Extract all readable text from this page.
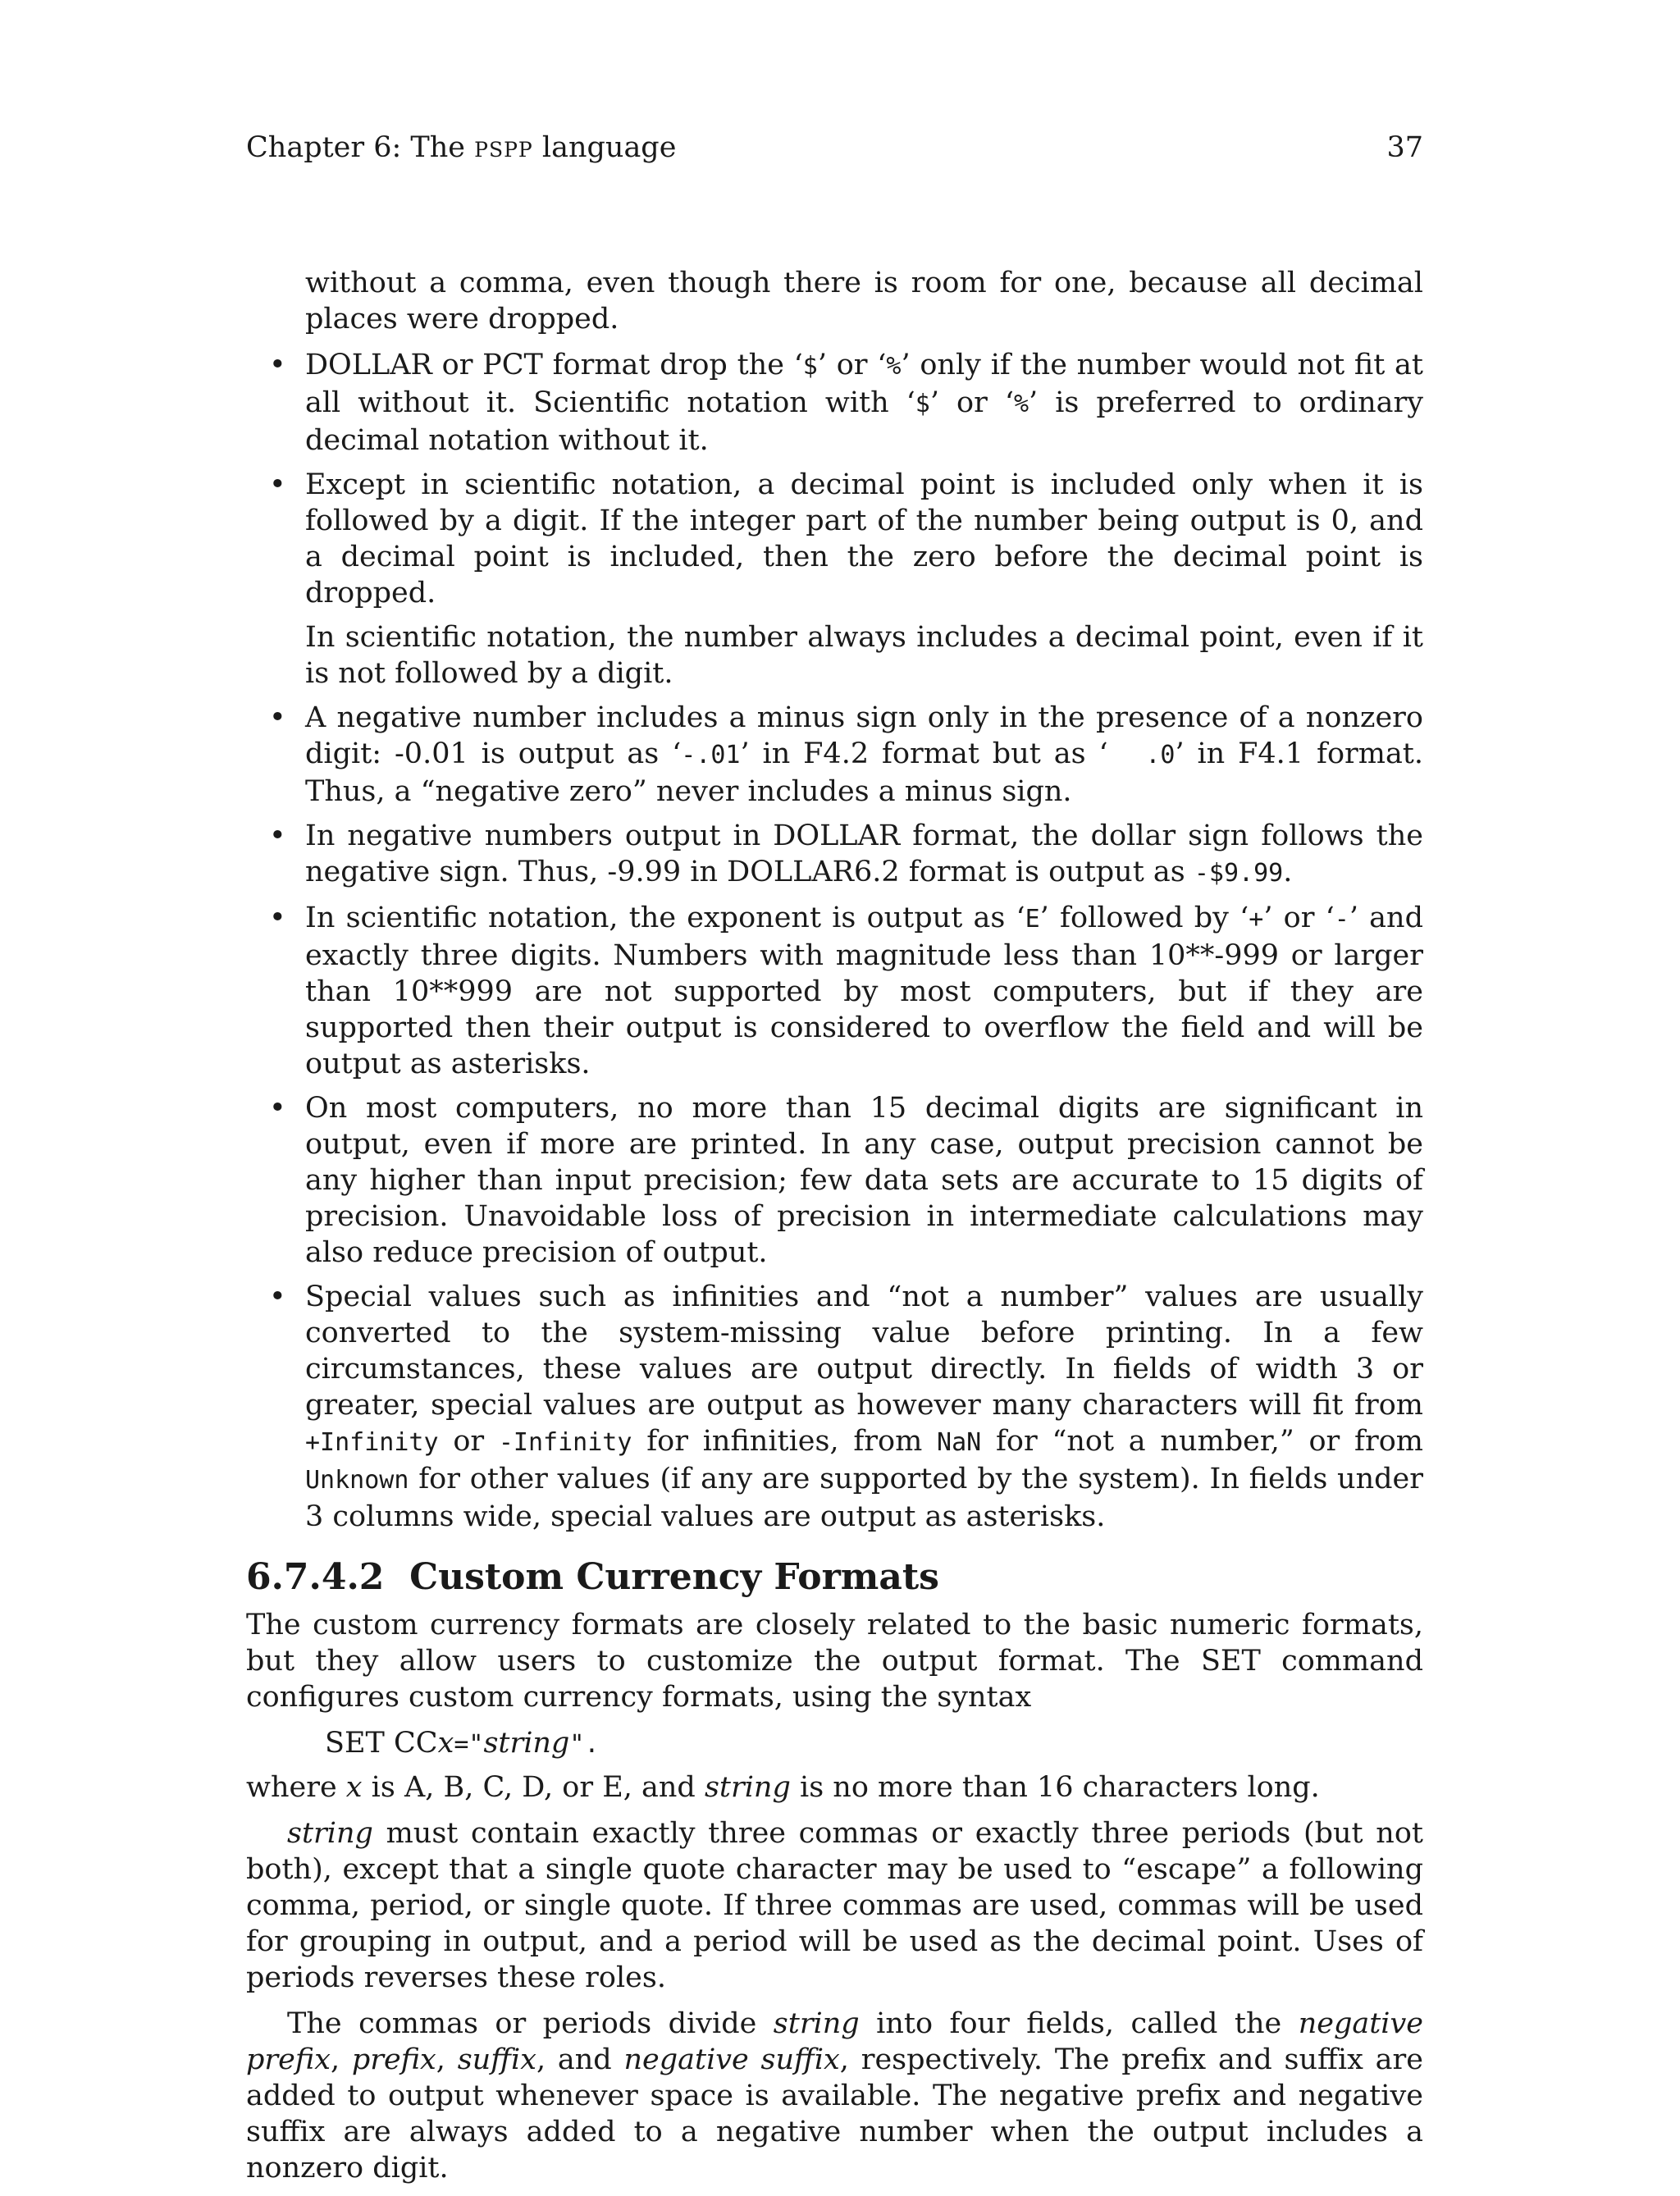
Chapter 6: The PSPP language	37

without a comma, even though there is room for one, because all decimal places were dropped.

• DOLLAR or PCT format drop the ‘$’ or ‘%’ only if the number would not fit at all without it. Scientific notation with ‘$’ or ‘%’ is preferred to ordinary decimal notation without it.
• Except in scientific notation, a decimal point is included only when it is followed by a digit. If the integer part of the number being output is 0, and a decimal point is included, then the zero before the decimal point is dropped.

In scientific notation, the number always includes a decimal point, even if it is not followed by a digit.

• A negative number includes a minus sign only in the presence of a nonzero digit: -0.01 is output as ‘-.01’ in F4.2 format but as ‘  .0’ in F4.1 format. Thus, a “negative zero” never includes a minus sign.
• In negative numbers output in DOLLAR format, the dollar sign follows the negative sign. Thus, -9.99 in DOLLAR6.2 format is output as -$9.99.
• In scientific notation, the exponent is output as ‘E’ followed by ‘+’ or ‘-’ and exactly three digits. Numbers with magnitude less than 10**-999 or larger than 10**999 are not supported by most computers, but if they are supported then their output is considered to overflow the field and will be output as asterisks.
• On most computers, no more than 15 decimal digits are significant in output, even if more are printed. In any case, output precision cannot be any higher than input precision; few data sets are accurate to 15 digits of precision. Unavoidable loss of precision in intermediate calculations may also reduce precision of output.
• Special values such as infinities and “not a number” values are usually converted to the system-missing value before printing. In a few circumstances, these values are output directly. In fields of width 3 or greater, special values are output as however many characters will fit from +Infinity or -Infinity for infinities, from NaN for “not a number,” or from Unknown for other values (if any are supported by the system). In fields under 3 columns wide, special values are output as asterisks.
6.7.4.2 Custom Currency Formats

The custom currency formats are closely related to the basic numeric formats, but they allow users to customize the output format. The SET command configures custom currency formats, using the syntax

SET CCx="string".

where x is A, B, C, D, or E, and string is no more than 16 characters long.

string must contain exactly three commas or exactly three periods (but not both), except that a single quote character may be used to “escape” a following comma, period, or single quote. If three commas are used, commas will be used for grouping in output, and a period will be used as the decimal point. Uses of periods reverses these roles.

The commas or periods divide string into four fields, called the negative prefix, prefix, suffix, and negative suffix, respectively. The prefix and suffix are added to output whenever space is available. The negative prefix and negative suffix are always added to a negative number when the output includes a nonzero digit.
